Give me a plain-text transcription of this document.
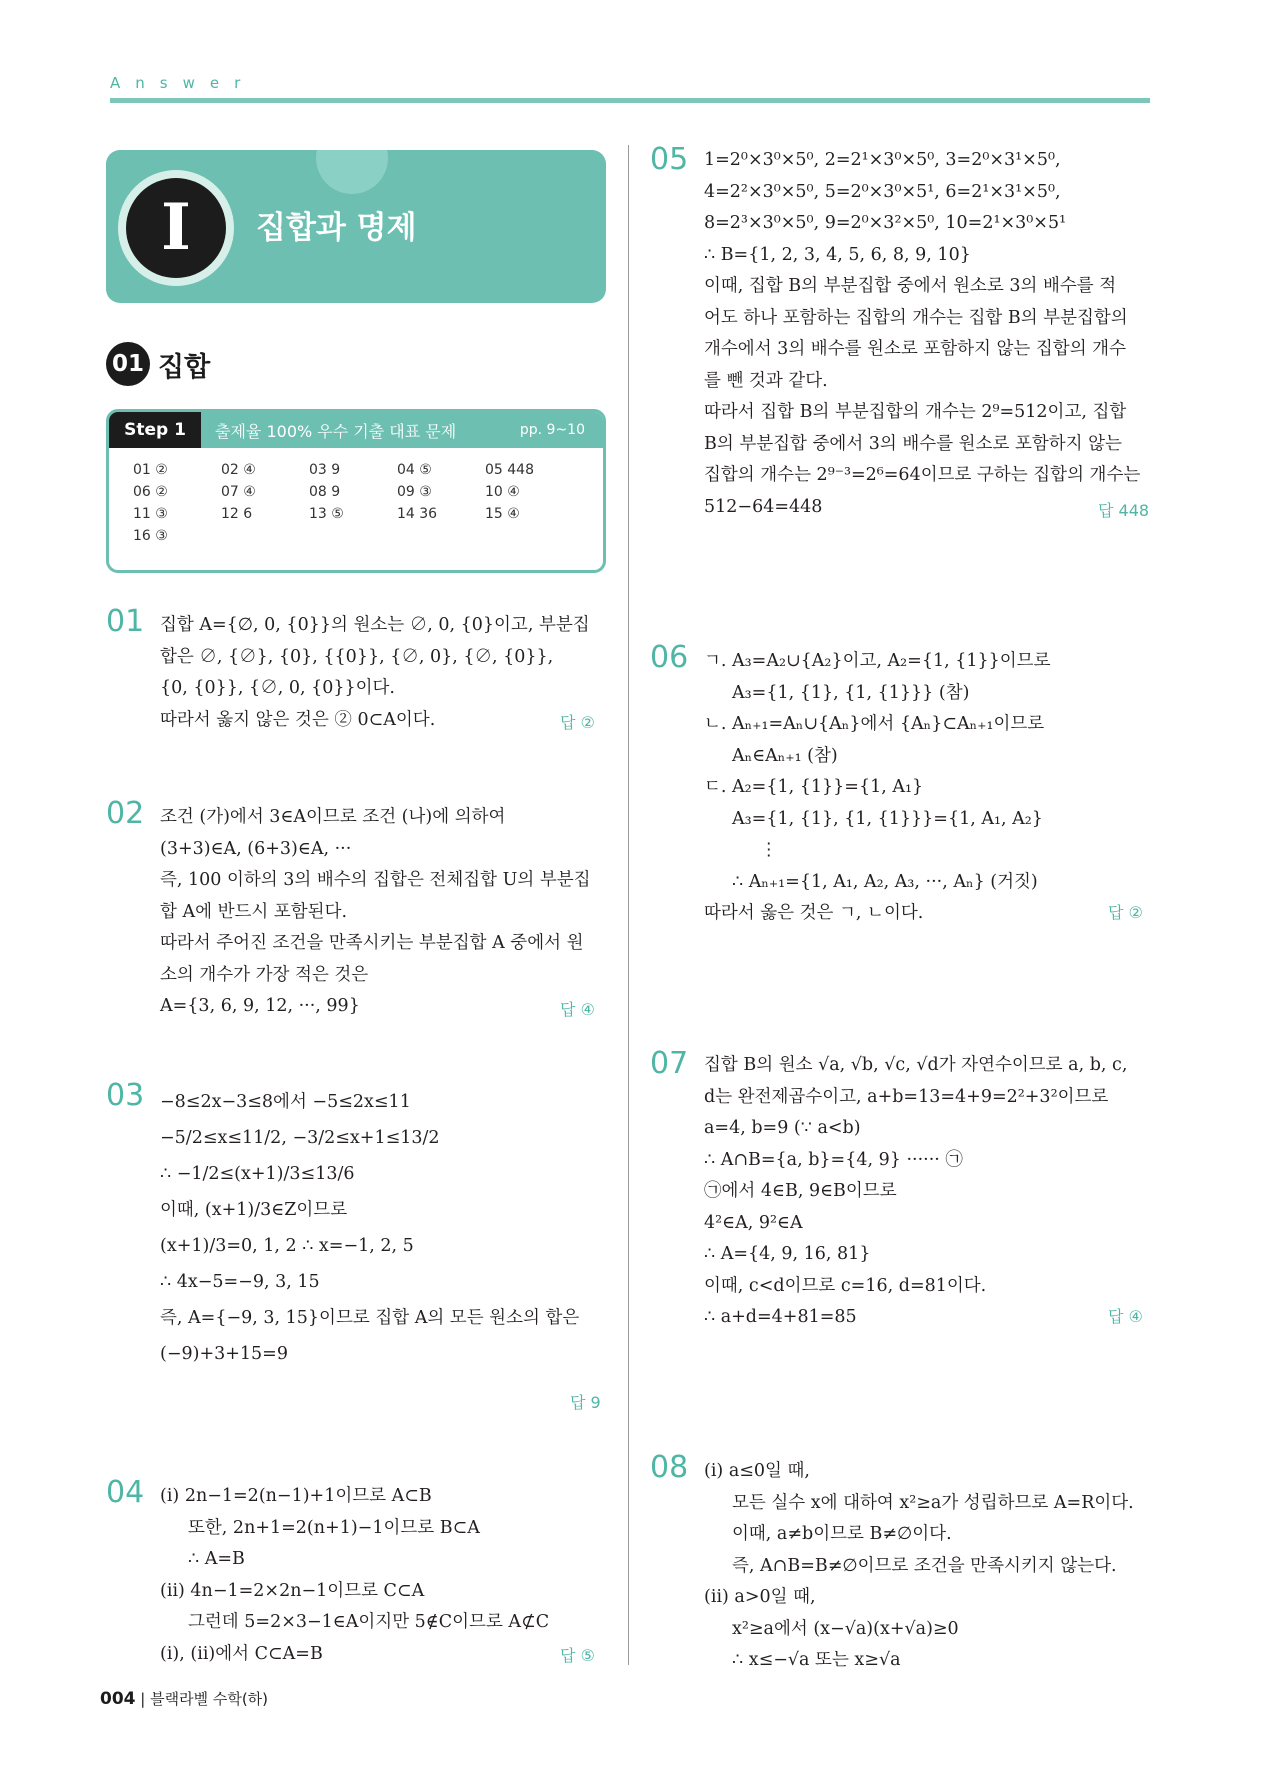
Answer
I	집합과 명제
01 집합
Step 1	출제율 100% 우수 기출 대표 문제	pp. 9~10
01 ②	02 ④	03 9	04 ⑤	05 448
06 ②	07 ④	08 9	09 ③	10 ④
11 ③	12 6	13 ⑤	14 36	15 ④
16 ③
01 집합 A={∅, 0, {0}}의 원소는 ∅, 0, {0}이고, 부분집
합은 ∅, {∅}, {0}, {{0}}, {∅, 0}, {∅, {0}},
{0, {0}}, {∅, 0, {0}}이다.
따라서 옳지 않은 것은 ② 0⊂A이다.	답 ②
02 조건 (가)에서 3∈A이므로 조건 (나)에 의하여
(3+3)∈A, (6+3)∈A, ···
즉, 100 이하의 3의 배수의 집합은 전체집합 U의 부분집
합 A에 반드시 포함된다.
따라서 주어진 조건을 만족시키는 부분집합 A 중에서 원
소의 개수가 가장 적은 것은
A={3, 6, 9, 12, ···, 99}	답 ④
03 −8≤2x−3≤8에서 −5≤2x≤11
−5/2≤x≤11/2, −3/2≤x+1≤13/2
∴ −1/2≤(x+1)/3≤13/6
이때, (x+1)/3∈Z이므로
(x+1)/3=0, 1, 2 ∴ x=−1, 2, 5
∴ 4x−5=−9, 3, 15
즉, A={−9, 3, 15}이므로 집합 A의 모든 원소의 합은
(−9)+3+15=9
답 9
04 (ⅰ) 2n−1=2(n−1)+1이므로 A⊂B
또한, 2n+1=2(n+1)−1이므로 B⊂A
∴ A=B
(ⅱ) 4n−1=2×2n−1이므로 C⊂A
그런데 5=2×3−1∈A이지만 5∉C이므로 A⊄C
(ⅰ), (ⅱ)에서 C⊂A=B	답 ⑤
05 1=2⁰×3⁰×5⁰, 2=2¹×3⁰×5⁰, 3=2⁰×3¹×5⁰,
4=2²×3⁰×5⁰, 5=2⁰×3⁰×5¹, 6=2¹×3¹×5⁰,
8=2³×3⁰×5⁰, 9=2⁰×3²×5⁰, 10=2¹×3⁰×5¹
∴ B={1, 2, 3, 4, 5, 6, 8, 9, 10}
이때, 집합 B의 부분집합 중에서 원소로 3의 배수를 적
어도 하나 포함하는 집합의 개수는 집합 B의 부분집합의
개수에서 3의 배수를 원소로 포함하지 않는 집합의 개수
를 뺀 것과 같다.
따라서 집합 B의 부분집합의 개수는 2⁹=512이고, 집합
B의 부분집합 중에서 3의 배수를 원소로 포함하지 않는
집합의 개수는 2⁹⁻³=2⁶=64이므로 구하는 집합의 개수는
512−64=448	답 448
06 ㄱ. A₃=A₂∪{A₂}이고, A₂={1, {1}}이므로
A₃={1, {1}, {1, {1}}} (참)
ㄴ. Aₙ₊₁=Aₙ∪{Aₙ}에서 {Aₙ}⊂Aₙ₊₁이므로
Aₙ∈Aₙ₊₁ (참)
ㄷ. A₂={1, {1}}={1, A₁}
A₃={1, {1}, {1, {1}}}={1, A₁, A₂}
⋮
∴ Aₙ₊₁={1, A₁, A₂, A₃, ···, Aₙ} (거짓)
따라서 옳은 것은 ㄱ, ㄴ이다.	답 ②
07 집합 B의 원소 √a, √b, √c, √d가 자연수이므로 a, b, c,
d는 완전제곱수이고, a+b=13=4+9=2²+3²이므로
a=4, b=9 (∵ a<b)
∴ A∩B={a, b}={4, 9} ······ ㉠
㉠에서 4∈B, 9∈B이므로
4²∈A, 9²∈A
∴ A={4, 9, 16, 81}
이때, c<d이므로 c=16, d=81이다.
∴ a+d=4+81=85	답 ④
08 (ⅰ) a≤0일 때,
모든 실수 x에 대하여 x²≥a가 성립하므로 A=R이다.
이때, a≠b이므로 B≠∅이다.
즉, A∩B=B≠∅이므로 조건을 만족시키지 않는다.
(ⅱ) a>0일 때,
x²≥a에서 (x−√a)(x+√a)≥0
∴ x≤−√a 또는 x≥√a
004 | 블랙라벨 수학(하)
